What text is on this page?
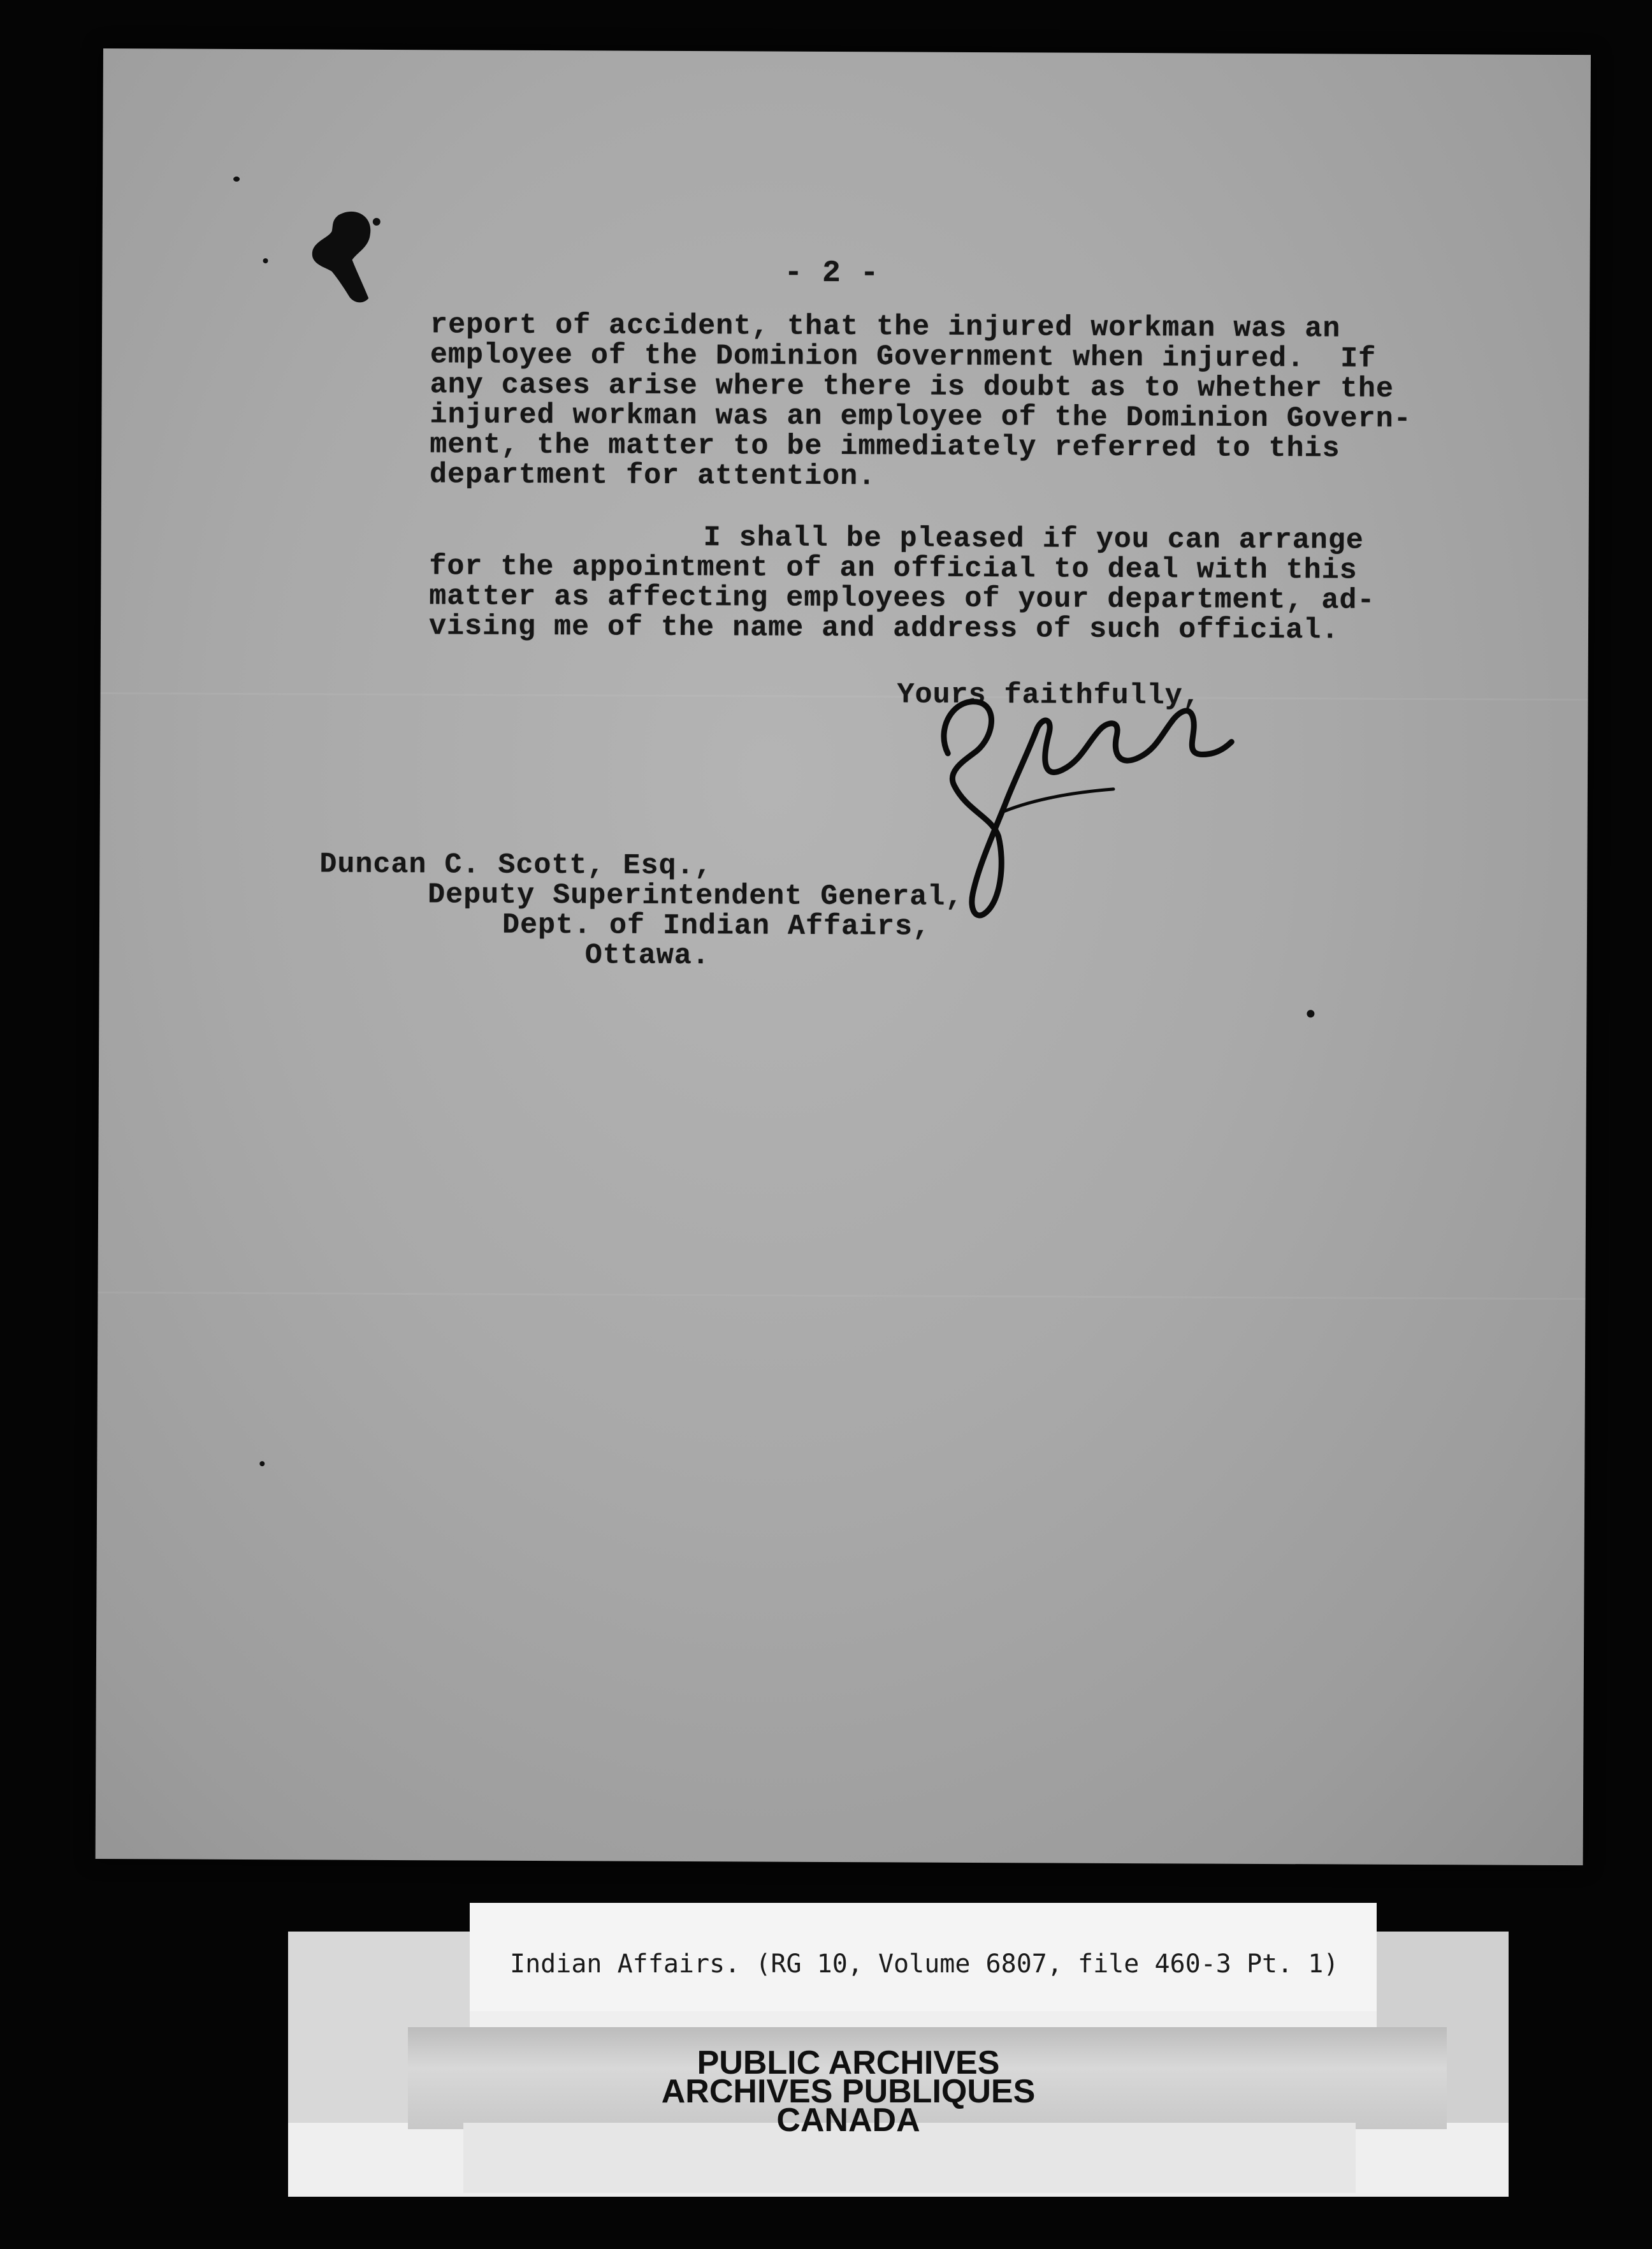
- 2 -
report of accident, that the injured workman was an
employee of the Dominion Government when injured.  If
any cases arise where there is doubt as to whether the
injured workman was an employee of the Dominion Govern-
ment, the matter to be immediately referred to this
department for attention.
I shall be pleased if you can arrange
for the appointment of an official to deal with this
matter as affecting employees of your department, ad-
vising me of the name and address of such official.
Yours faithfully,
Duncan C. Scott, Esq.,
Deputy Superintendent General,
Dept. of Indian Affairs,
Ottawa.
Indian Affairs. (RG 10, Volume 6807, file 460-3 Pt. 1)
PUBLIC ARCHIVES
ARCHIVES PUBLIQUES
CANADA
